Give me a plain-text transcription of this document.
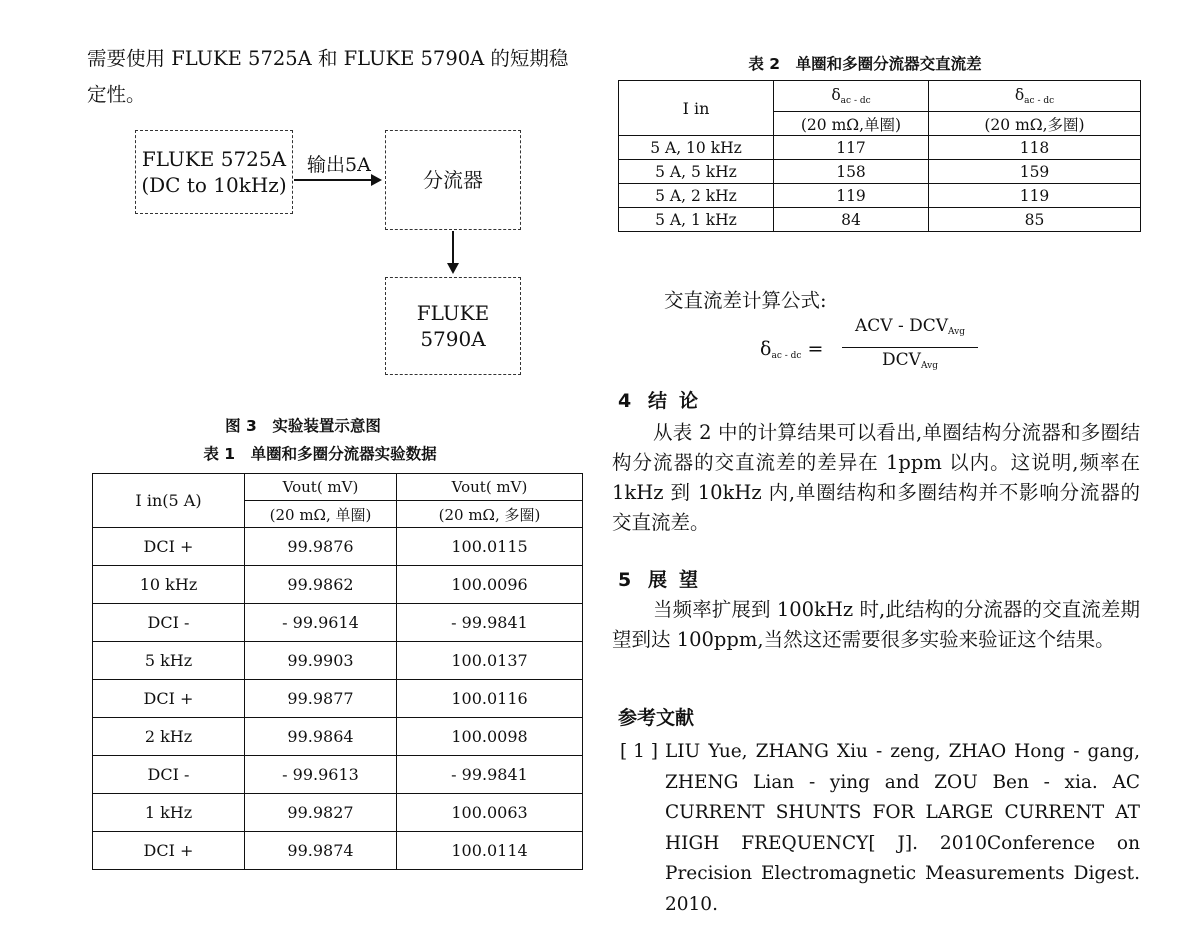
需要使用 FLUKE 5725A 和 FLUKE 5790A 的短期稳
定性。
FLUKE 5725A
(DC to 10kHz)
输出5A
分流器
FLUKE
5790A
图 3　实验装置示意图
表 1　单圈和多圈分流器实验数据
I in(5 A)	Vout( mV)	Vout( mV)
	(20 mΩ, 单圈)	(20 mΩ, 多圈)
DCI +	99.9876	100.0115
10 kHz	99.9862	100.0096
DCI -	- 99.9614	- 99.9841
5 kHz	99.9903	100.0137
DCI +	99.9877	100.0116
2 kHz	99.9864	100.0098
DCI -	- 99.9613	- 99.9841
1 kHz	99.9827	100.0063
DCI +	99.9874	100.0114
表 2　单圈和多圈分流器交直流差
I in	$\delta_{ac - dc}$	$\delta_{ac - dc}$
	(20 mΩ,单圈)	(20 mΩ,多圈)
5 A, 10 kHz	117	118
5 A, 5 kHz	158	159
5 A, 2 kHz	119	119
5 A, 1 kHz	84	85
交直流差计算公式:
$\delta_{ac - dc}$ =
ACV - $DCV_{Avg}$
$DCV_{Avg}$
4 结论
从表 2 中的计算结果可以看出,单圈结构分流器和多圈结构分流器的交直流差的差异在 1ppm 以内。这说明,频率在 1kHz 到 10kHz 内,单圈结构和多圈结构并不影响分流器的交直流差。
5 展望
当频率扩展到 100kHz 时,此结构的分流器的交直流差期望到达 100ppm,当然这还需要很多实验来验证这个结果。
参考文献
[ 1 ] LIU Yue, ZHANG Xiu - zeng, ZHAO Hong - gang, ZHENG Lian - ying and ZOU Ben - xia. AC CURRENT SHUNTS FOR LARGE CURRENT AT HIGH FREQUENCY[ J]. 2010Conference on Precision Electromagnetic Measurements Digest. 2010.
